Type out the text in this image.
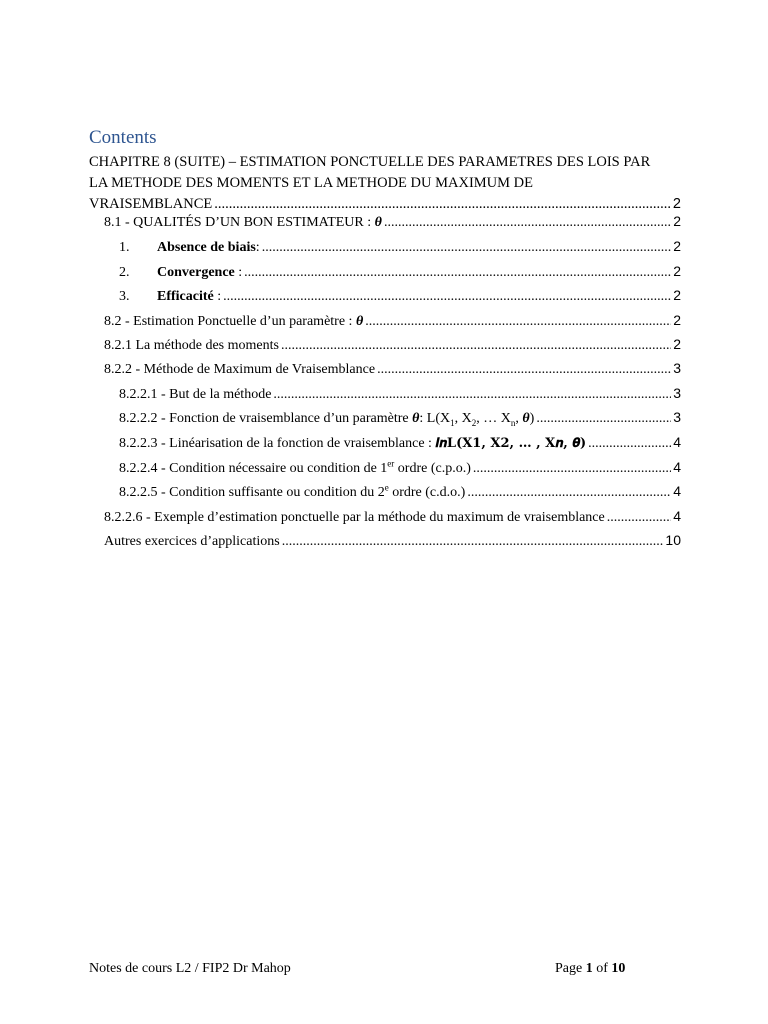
Contents
CHAPITRE 8 (SUITE) – ESTIMATION PONCTUELLE DES PARAMETRES DES LOIS PAR
LA METHODE DES MOMENTS ET LA METHODE DU MAXIMUM DE
VRAISEMBLANCE .....	2
8.1 - QUALITÉS D’UN BON ESTIMATEUR : θ .....	2
1. Absence de biais: .....	2
2. Convergence : .....	2
3. Efficacité : .....	2
8.2 - Estimation Ponctuelle d’un paramètre : θ .....	2
8.2.1 La méthode des moments .....	2
8.2.2 - Méthode de Maximum de Vraisemblance .....	3
8.2.2.1 - But de la méthode .....	3
8.2.2.2 - Fonction de vraisemblance d’un paramètre θ: $L(X_1$, $X_2$, … $X_n$, θ) .....	3
8.2.2.3 - Linéarisation de la fonction de vraisemblance : 𝒍𝒏𝐋(𝐗𝟏, 𝐗𝟐, … , 𝐗𝒏, 𝜽) .....	4
8.2.2.4 - Condition nécessaire ou condition de 1er ordre (c.p.o.) .....	4
8.2.2.5 - Condition suffisante ou condition du 2e ordre (c.d.o.) .....	4
8.2.2.6 - Exemple d’estimation ponctuelle par la méthode du maximum de vraisemblance .....	4
Autres exercices d’applications .....	10
Notes de cours L2 / FIP2 Dr Mahop	Page 1 of 10
